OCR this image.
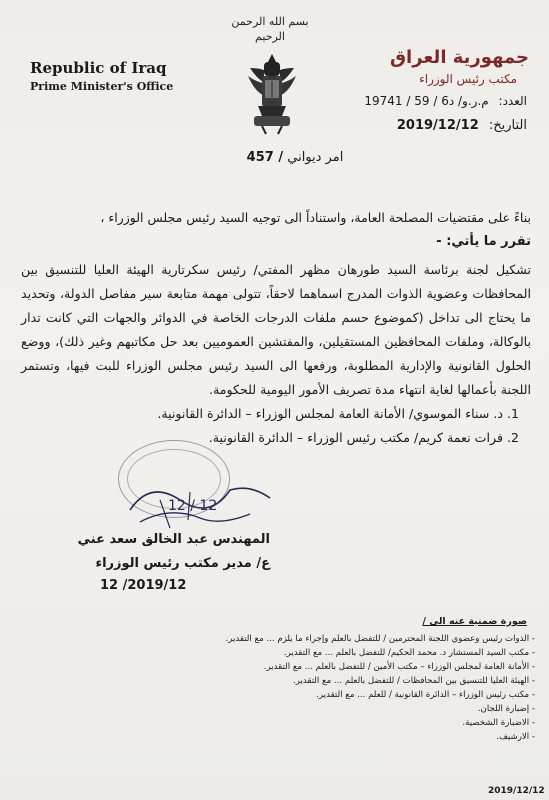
بسم الله الرحمن الرحيم
Republic of Iraq
Prime Minister's Office
جمهورية العراق
مكتب رئيس الوزراء
العدد: م.ر.و/ د6 / 59 / 19741
التاريخ: 2019/12/12
امر ديواني / 457
بناءً على مقتضيات المصلحة العامة، واستناداً الى توجيه السيد رئيس مجلس الوزراء ،
تقرر ما يأتي: -
تشكيل لجنة برئاسة السيد طورهان مظهر المفتي/ رئيس سكرتارية الهيئة العليا للتنسيق بين المحافظات وعضوية الذوات المدرج اسماهما لاحقاً، تتولى مهمة متابعة سير مفاصل الدولة، وتحديد ما يحتاج الى تداخل (كموضوع حسم ملفات الدرجات الخاصة في الدوائر والجهات التي كانت تدار بالوكالة، وملفات المحافظين المستقيلين، والمفتشين العموميين بعد حل مكاتبهم وغير ذلك)، ووضع الحلول القانونية والإدارية المطلوبة، ورفعها الى السيد رئيس مجلس الوزراء للبت فيها، وتستمر اللجنة بأعمالها لغاية انتهاء مدة تصريف الأمور اليومية للحكومة.
1. د. سناء الموسوي/ الأمانة العامة لمجلس الوزراء – الدائرة القانونية.
2. فرات نعمة كريم/ مكتب رئيس الوزراء – الدائرة القانونية.
12 / 12
المهندس عبد الخالق سعد عني
ع/ مدير مكتب رئيس الوزراء
2019/12/ 12
صورة ضمنية عنه الى /
- الذوات رئيس وعضوي اللجنة المحترمين / للتفضل بالعلم وإجراء ما يلزم ... مع التقدير.
- مكتب السيد المستشار د. محمد الحكيم/ للتفضل بالعلم ... مع التقدير.
- الأمانة العامة لمجلس الوزراء – مكتب الأمين / للتفضل بالعلم ... مع التقدير.
- الهيئة العليا للتنسيق بين المحافظات / للتفضل بالعلم ... مع التقدير.
- مكتب رئيس الوزراء – الدائرة القانونية / للعلم ... مع التقدير.
- إضبارة اللجان.
- الاضبارة الشخصية.
- الارشيف.
2019/12/12
